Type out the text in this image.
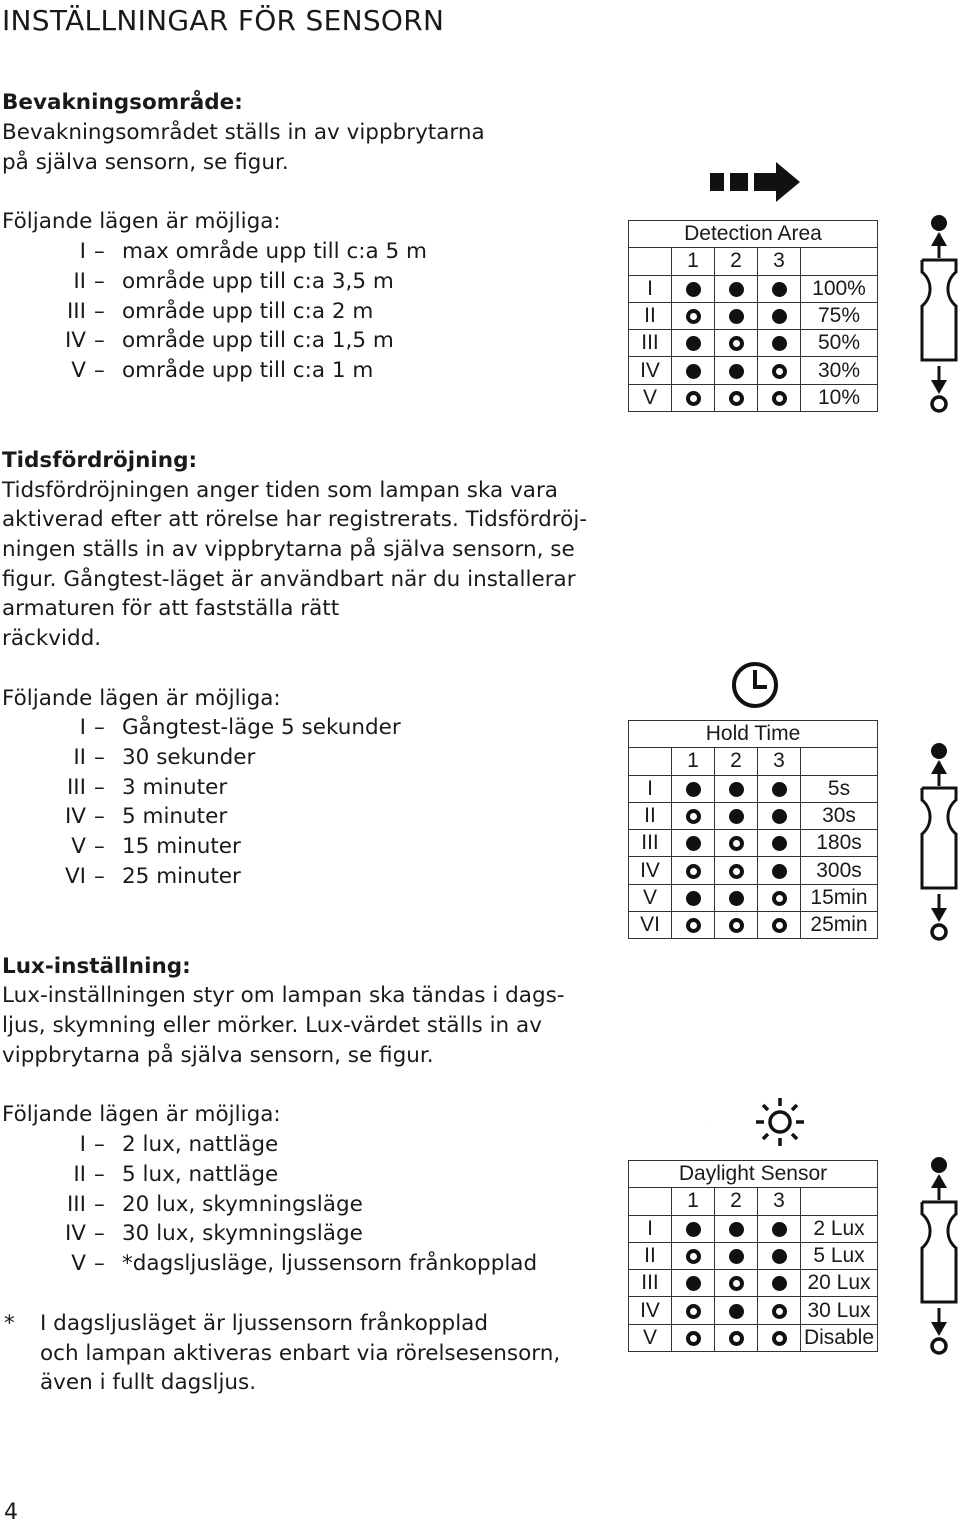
INSTÄLLNINGAR FÖR SENSORN
Bevakningsområde:
Bevakningsområdet ställs in av vippbrytarna
på själva sensorn, se figur.
Följande lägen är möjliga:
I – max område upp till c:a 5 m
II – område upp till c:a 3,5 m
III – område upp till c:a 2 m
IV – område upp till c:a 1,5 m
V – område upp till c:a 1 m
Detection Area				
	1	2	3	
I				100%
II				75%
III				50%
IV				30%
V				10%
Tidsfördröjning:
Tidsfördröjningen anger tiden som lampan ska vara
aktiverad efter att rörelse har registrerats. Tidsfördröj-
ningen ställs in av vippbrytarna på själva sensorn, se
figur. Gångtest-läget är användbart när du installerar
armaturen för att fastställa rätt
räckvidd.
Följande lägen är möjliga:
I – Gångtest-läge 5 sekunder
II – 30 sekunder
III – 3 minuter
IV – 5 minuter
V – 15 minuter
VI – 25 minuter
Hold Time				
	1	2	3	
I				5s
II				30s
III				180s
IV				300s
V				15min
VI				25min
Lux-inställning:
Lux-inställningen styr om lampan ska tändas i dags-
ljus, skymning eller mörker. Lux-värdet ställs in av
vippbrytarna på själva sensorn, se figur.
Följande lägen är möjliga:
I – 2 lux, nattläge
II – 5 lux, nattläge
III – 20 lux, skymningsläge
IV – 30 lux, skymningsläge
V – *dagsljusläge, ljussensorn frånkopplad
* I dagsljusläget är ljussensorn frånkopplad
och lampan aktiveras enbart via rörelsesensorn,
även i fullt dagsljus.
Daylight Sensor				
	1	2	3	
I				2 Lux
II				5 Lux
III				20 Lux
IV				30 Lux
V				Disable
4
